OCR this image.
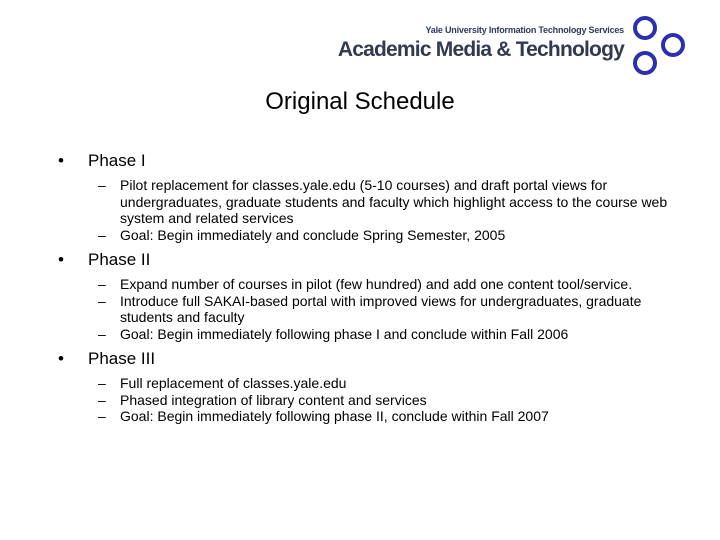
Yale University Information Technology Services
Academic Media & Technology
Original Schedule
• Phase I
– Pilot replacement for classes.yale.edu (5-10 courses) and draft portal views for undergraduates, graduate students and faculty which highlight access to the course web system and related services
– Goal: Begin immediately and conclude Spring Semester, 2005
• Phase II
– Expand number of courses in pilot (few hundred) and add one content tool/service.
– Introduce full SAKAI-based portal with improved views for undergraduates, graduate students and faculty
– Goal: Begin immediately following phase I and conclude within Fall 2006
• Phase III
– Full replacement of classes.yale.edu
– Phased integration of library content and services
– Goal: Begin immediately following phase II, conclude within Fall 2007
